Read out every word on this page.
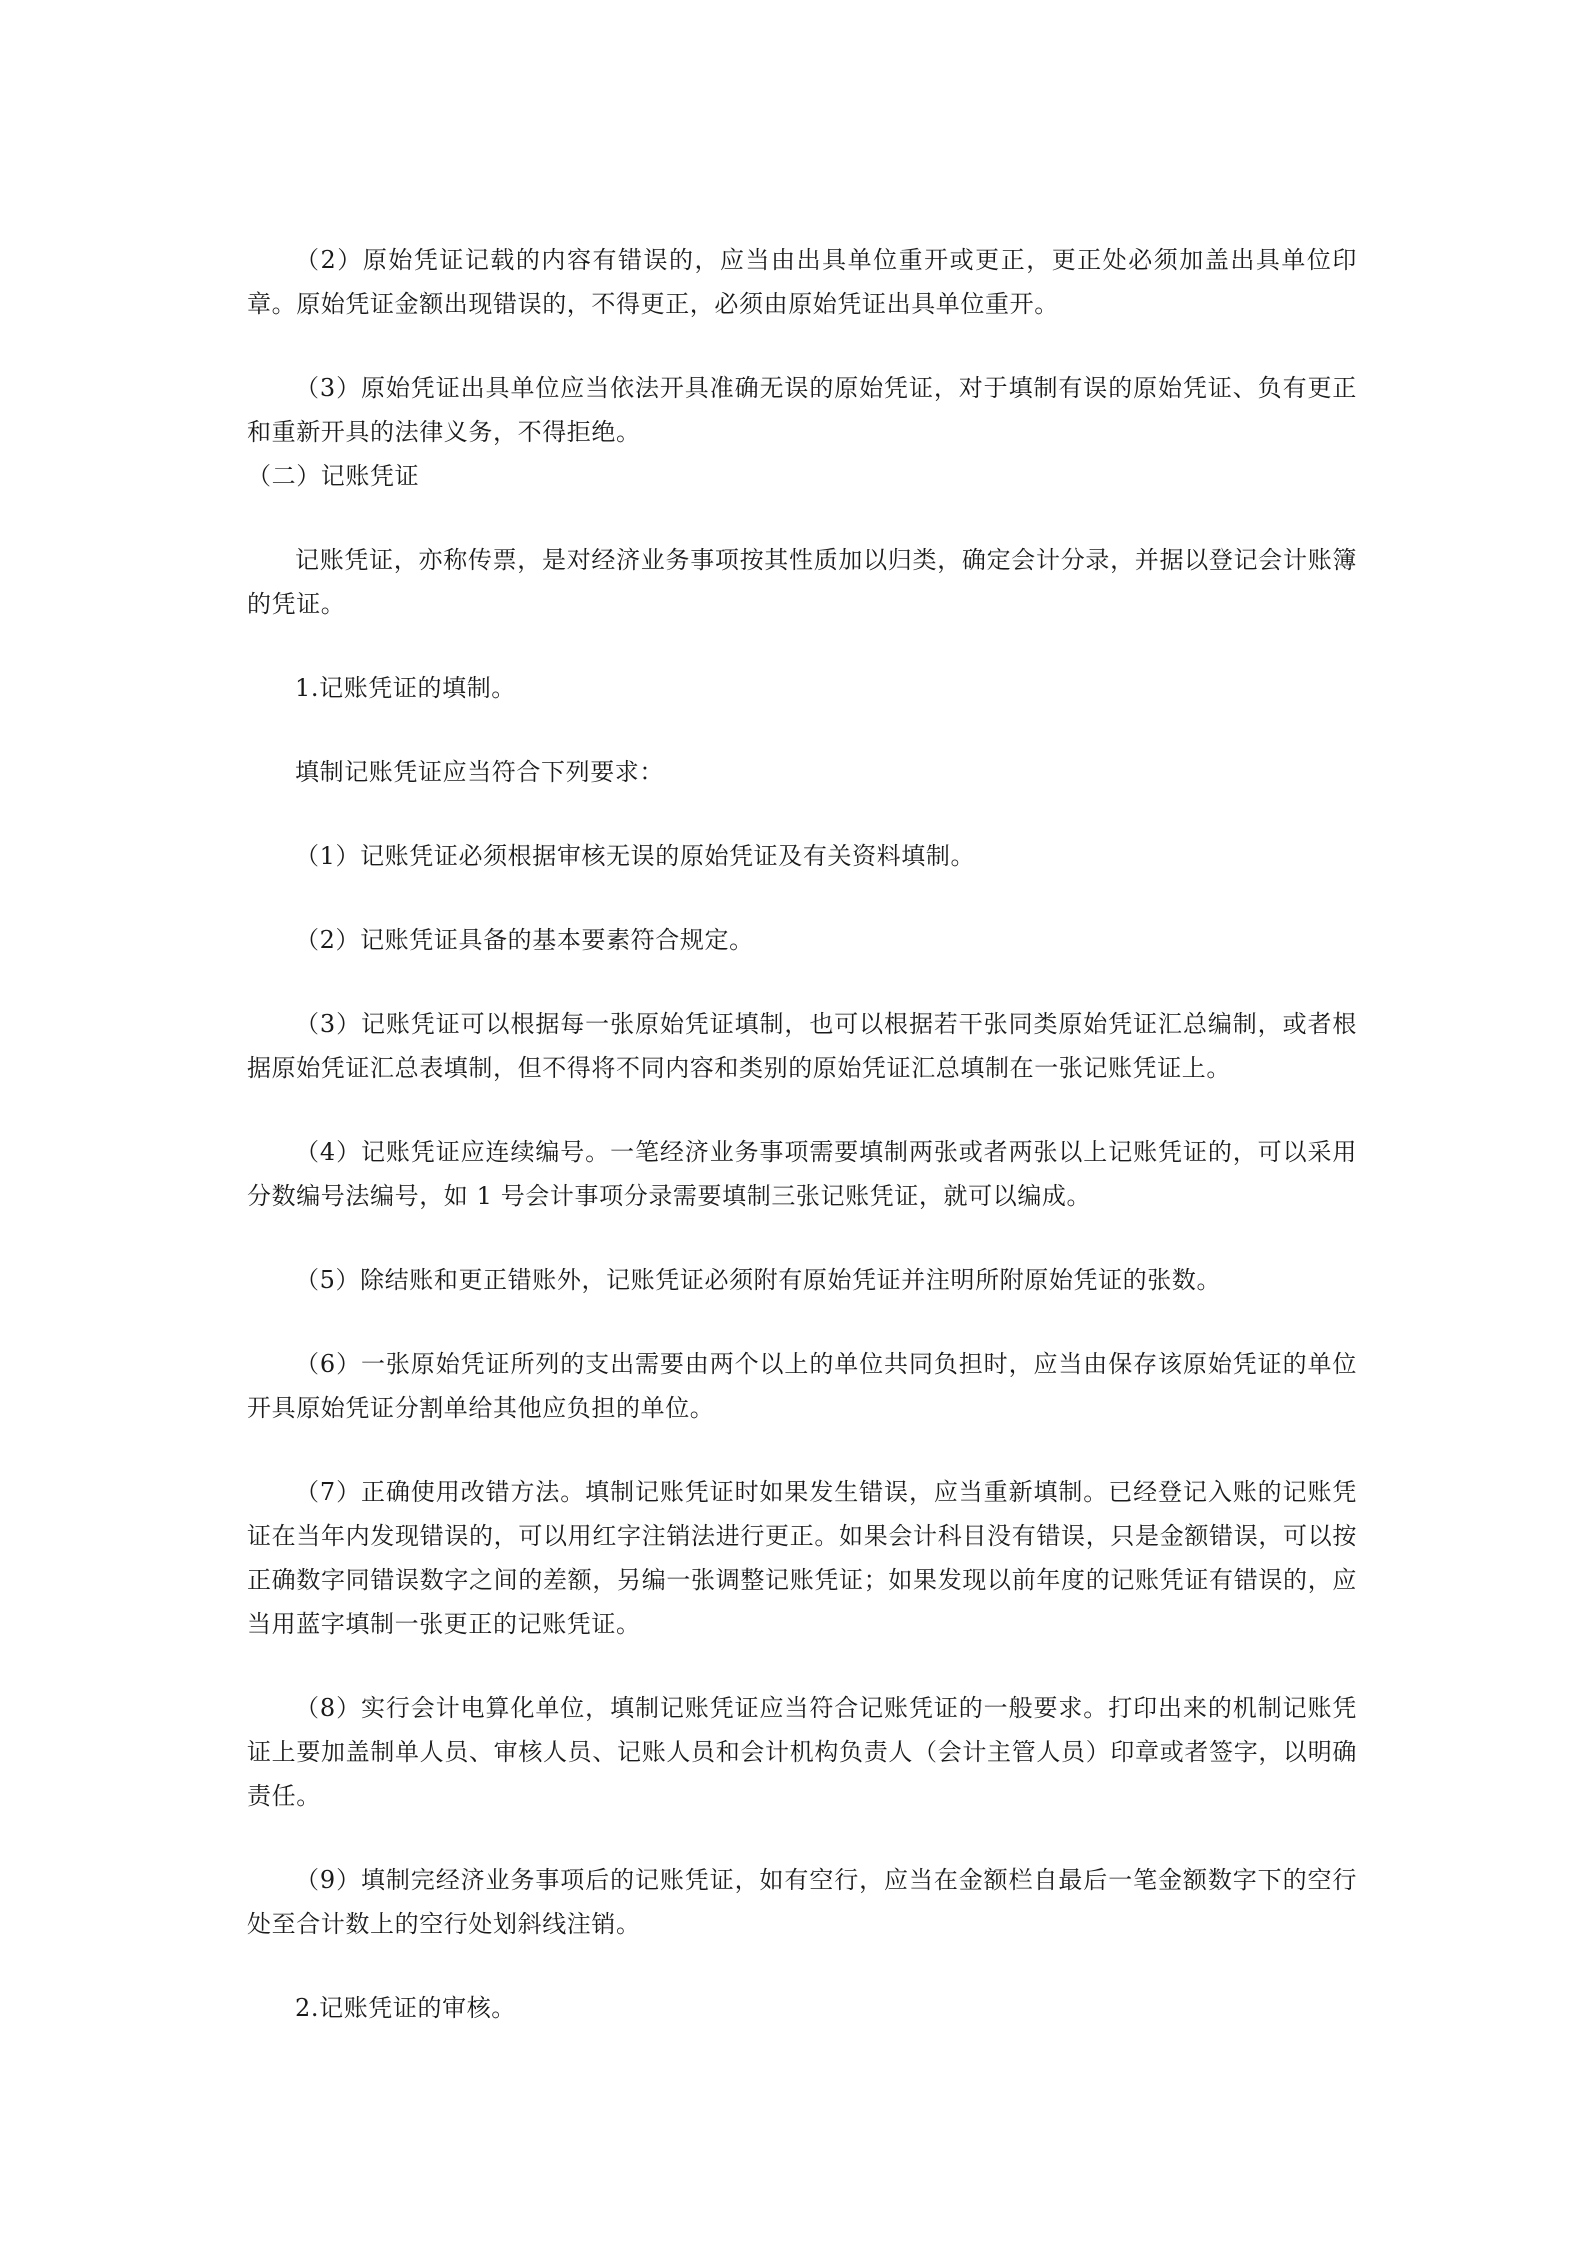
（2）原始凭证记载的内容有错误的，应当由出具单位重开或更正，更正处必须加盖出具单位印章。原始凭证金额出现错误的，不得更正，必须由原始凭证出具单位重开。

（3）原始凭证出具单位应当依法开具准确无误的原始凭证，对于填制有误的原始凭证、负有更正和重新开具的法律义务，不得拒绝。

（二）记账凭证

记账凭证，亦称传票，是对经济业务事项按其性质加以归类，确定会计分录，并据以登记会计账簿的凭证。

1.记账凭证的填制。

填制记账凭证应当符合下列要求：

（1）记账凭证必须根据审核无误的原始凭证及有关资料填制。

（2）记账凭证具备的基本要素符合规定。

（3）记账凭证可以根据每一张原始凭证填制，也可以根据若干张同类原始凭证汇总编制，或者根据原始凭证汇总表填制，但不得将不同内容和类别的原始凭证汇总填制在一张记账凭证上。

（4）记账凭证应连续编号。一笔经济业务事项需要填制两张或者两张以上记账凭证的，可以采用分数编号法编号，如 1 号会计事项分录需要填制三张记账凭证，就可以编成。

（5）除结账和更正错账外，记账凭证必须附有原始凭证并注明所附原始凭证的张数。

（6）一张原始凭证所列的支出需要由两个以上的单位共同负担时，应当由保存该原始凭证的单位开具原始凭证分割单给其他应负担的单位。

（7）正确使用改错方法。填制记账凭证时如果发生错误，应当重新填制。已经登记入账的记账凭证在当年内发现错误的，可以用红字注销法进行更正。如果会计科目没有错误，只是金额错误，可以按正确数字同错误数字之间的差额，另编一张调整记账凭证；如果发现以前年度的记账凭证有错误的，应当用蓝字填制一张更正的记账凭证。

（8）实行会计电算化单位，填制记账凭证应当符合记账凭证的一般要求。打印出来的机制记账凭证上要加盖制单人员、审核人员、记账人员和会计机构负责人（会计主管人员）印章或者签字，以明确责任。

（9）填制完经济业务事项后的记账凭证，如有空行，应当在金额栏自最后一笔金额数字下的空行处至合计数上的空行处划斜线注销。

2.记账凭证的审核。
